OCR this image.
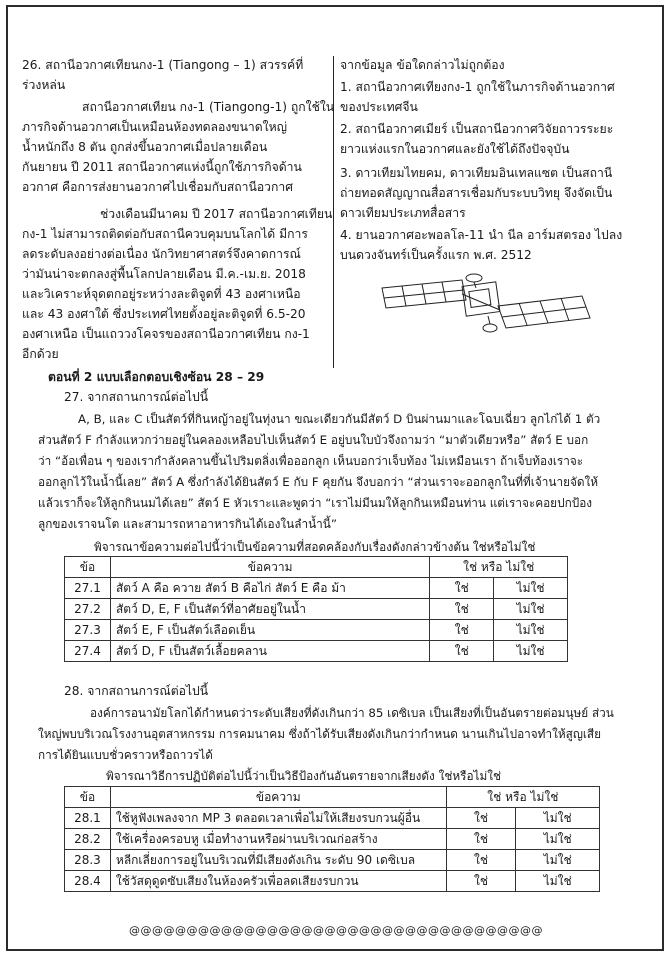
26. สถานีอวกาศเทียนกง-1 (Tiangong – 1) สวรรค์ที่
ร่วงหล่น
สถานีอวกาศเทียน กง-1 (Tiangong-1) ถูกใช้ใน
ภารกิจด้านอวกาศเป็นเหมือนห้องทดลองขนาดใหญ่
น้ำหนักถึง 8 ตัน ถูกส่งขึ้นอวกาศเมื่อปลายเดือน
กันยายน ปี 2011 สถานีอวกาศแห่งนี้ถูกใช้ภารกิจด้าน
อวกาศ คือการส่งยานอวกาศไปเชื่อมกับสถานีอวกาศ
ช่วงเดือนมีนาคม ปี 2017 สถานีอวกาศเทียน
กง-1 ไม่สามารถติดต่อกับสถานีควบคุมบนโลกได้ มีการ
ลดระดับลงอย่างต่อเนื่อง นักวิทยาศาสตร์จึงคาดการณ์
ว่ามันน่าจะตกลงสู่พื้นโลกปลายเดือน มี.ค.-เม.ย. 2018
และวิเคราะห์จุดตกอยู่ระหว่างละติจูดที่ 43 องศาเหนือ
และ 43 องศาใต้ ซึ่งประเทศไทยตั้งอยู่ละติจูดที่ 6.5-20
องศาเหนือ เป็นแถววงโคจรของสถานีอวกาศเทียน กง-1
อีกด้วย
จากข้อมูล ข้อใดกล่าวไม่ถูกต้อง
1. สถานีอวกาศเทียงกง-1 ถูกใช้ในภารกิจด้านอวกาศ
ของประเทศจีน
2. สถานีอวกาศเมียร์ เป็นสถานีอวกาศวิจัยถาวรระยะ
ยาวแห่งแรกในอวกาศและยังใช้ได้ถึงปัจจุบัน
3. ดาวเทียมไทยคม, ดาวเทียมอินเทลแซต เป็นสถานี
ถ่ายทอดสัญญาณสื่อสารเชื่อมกับระบบวิทยุ จึงจัดเป็น
ดาวเทียมประเภทสื่อสาร
4. ยานอวกาศอะพอลโล-11 นำ นีล อาร์มสตรอง ไปลง
บนดวงจันทร์เป็นครั้งแรก พ.ศ. 2512
ตอนที่ 2 แบบเลือกตอบเชิงซ้อน 28 – 29
27. จากสถานการณ์ต่อไปนี้
A, B, และ C เป็นสัตว์ที่กินหญ้าอยู่ในทุ่งนา ขณะเดียวกันมีสัตว์ D บินผ่านมาและโฉบเฉี่ยว ลูกไก่ได้ 1 ตัว
ส่วนสัตว์ F กำลังแหวกว่ายอยู่ในคลองเหลือบไปเห็นสัตว์ E อยู่บนใบบัวจึงถามว่า “มาตัวเดียวหรือ” สัตว์ E บอก
ว่า “อ้อเพื่อน ๆ ของเรากำลังคลานขึ้นไปริมตลิ่งเพื่อออกลูก เห็นบอกว่าเจ็บท้อง ไม่เหมือนเรา ถ้าเจ็บท้องเราจะ
ออกลูกไว้ในน้ำนี้เลย” สัตว์ A ซึ่งกำลังได้ยินสัตว์ E กับ F คุยกัน จึงบอกว่า “ส่วนเราจะออกลูกในที่ที่เจ้านายจัดให้
แล้วเราก็จะให้ลูกกินนมได้เลย” สัตว์ E หัวเราะและพูดว่า “เราไม่มีนมให้ลูกกินเหมือนท่าน แต่เราจะคอยปกป้อง
ลูกของเราจนโต และสามารถหาอาหารกินได้เองในลำน้ำนี้”
พิจารณาข้อความต่อไปนี้ว่าเป็นข้อความที่สอดคล้องกับเรื่องดังกล่าวข้างต้น ใช่หรือไม่ใช่
ข้อ	ข้อความ	ใช่ หรือ ไม่ใช่	
27.1	สัตว์ A คือ ควาย สัตว์ B คือไก่ สัตว์ E คือ ม้า	ใช่	ไม่ใช่
27.2	สัตว์ D, E, F เป็นสัตว์ที่อาศัยอยู่ในน้ำ	ใช่	ไม่ใช่
27.3	สัตว์ E, F เป็นสัตว์เลือดเย็น	ใช่	ไม่ใช่
27.4	สัตว์ D, F เป็นสัตว์เลื้อยคลาน	ใช่	ไม่ใช่
28. จากสถานการณ์ต่อไปนี้
องค์การอนามัยโลกได้กำหนดว่าระดับเสียงที่ดังเกินกว่า 85 เดซิเบล เป็นเสียงที่เป็นอันตรายต่อมนุษย์ ส่วน
ใหญ่พบบริเวณโรงงานอุตสาหกรรม การคมนาคม ซึ่งถ้าได้รับเสียงดังเกินกว่ากำหนด นานเกินไปอาจทำให้สูญเสีย
การได้ยินแบบชั่วคราวหรือถาวรได้
พิจารณาวิธีการปฏิบัติต่อไปนี้ว่าเป็นวิธีป้องกันอันตรายจากเสียงดัง ใช่หรือไม่ใช่
ข้อ	ข้อความ	ใช่ หรือ ไม่ใช่	
28.1	ใช้หูฟังเพลงจาก MP 3 ตลอดเวลาเพื่อไม่ให้เสียงรบกวนผู้อื่น	ใช่	ไม่ใช่
28.2	ใช้เครื่องครอบหู เมื่อทำงานหรือผ่านบริเวณก่อสร้าง	ใช่	ไม่ใช่
28.3	หลีกเลี่ยงการอยู่ในบริเวณที่มีเสียงดังเกิน ระดับ 90 เดซิเบล	ใช่	ไม่ใช่
28.4	ใช้วัสดุดูดซับเสียงในห้องครัวเพื่อลดเสียงรบกวน	ใช่	ไม่ใช่
@@@@@@@@@@@@@@@@@@@@@@@@@@@@@@@@@@@@
